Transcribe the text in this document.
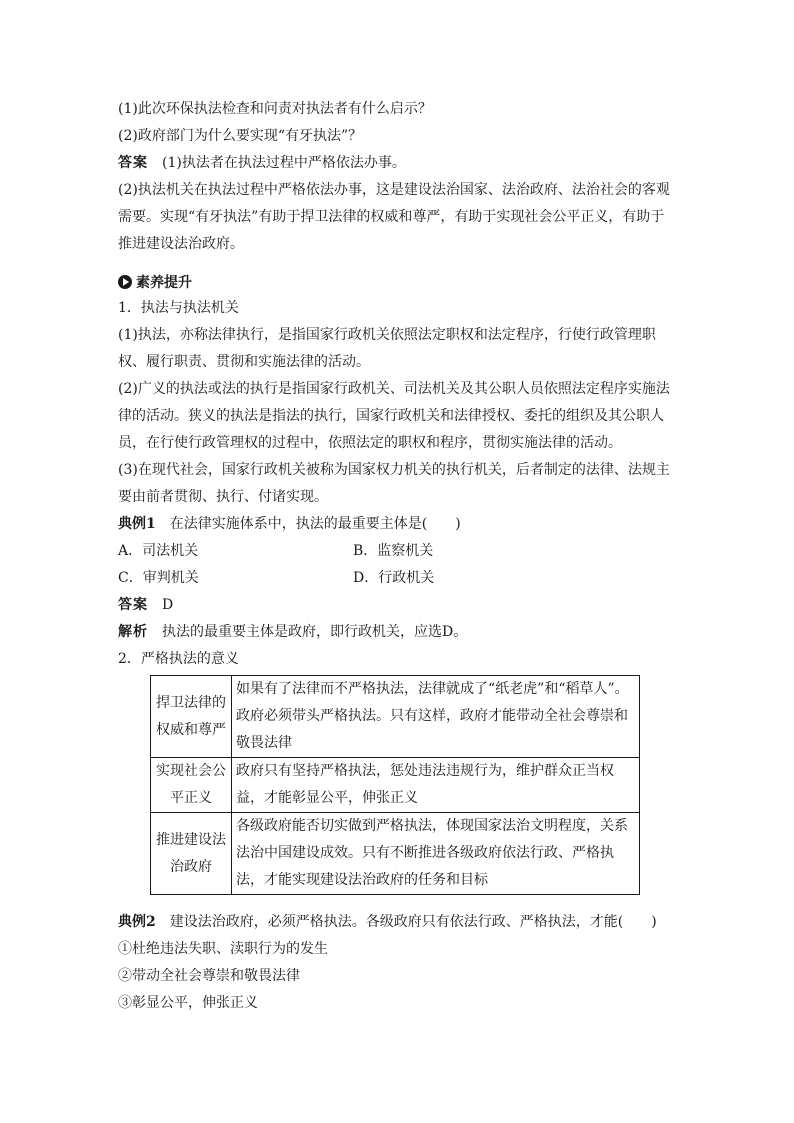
(1)此次环保执法检查和问责对执法者有什么启示？

(2)政府部门为什么要实现“有牙执法”？

答案　 (1)执法者在执法过程中严格依法办事。

(2)执法机关在执法过程中严格依法办事，这是建设法治国家、法治政府、法治社会的客观需要。实现“有牙执法”有助于捍卫法律的权威和尊严，有助于实现社会公平正义，有助于推进建设法治政府。

素养提升

1．执法与执法机关

(1)执法，亦称法律执行，是指国家行政机关依照法定职权和法定程序，行使行政管理职权、履行职责、贯彻和实施法律的活动。

(2)广义的执法或法的执行是指国家行政机关、司法机关及其公职人员依照法定程序实施法律的活动。狭义的执法是指法的执行，国家行政机关和法律授权、委托的组织及其公职人员，在行使行政管理权的过程中，依照法定的职权和程序，贯彻实施法律的活动。

(3)在现代社会，国家行政机关被称为国家权力机关的执行机关，后者制定的法律、法规主要由前者贯彻、执行、付诸实现。

典例1　 在法律实施体系中，执法的最重要主体是(　　)

A．司法机关	B．监察机关

C．审判机关	D．行政机关

答案　 D

解析　 执法的最重要主体是政府，即行政机关，应选D。

2．严格执法的意义

捍卫法律的权威和尊严	如果有了法律而不严格执法，法律就成了“纸老虎”和“稻草人”。政府必须带头严格执法。只有这样，政府才能带动全社会尊崇和敬畏法律
实现社会公平正义	政府只有坚持严格执法，惩处违法违规行为，维护群众正当权益，才能彰显公平，伸张正义
推进建设法治政府	各级政府能否切实做到严格执法，体现国家法治文明程度，关系法治中国建设成效。只有不断推进各级政府依法行政、严格执法，才能实现建设法治政府的任务和目标

典例2　 建设法治政府，必须严格执法。各级政府只有依法行政、严格执法，才能(　　)

①杜绝违法失职、渎职行为的发生

②带动全社会尊崇和敬畏法律

③彰显公平，伸张正义
